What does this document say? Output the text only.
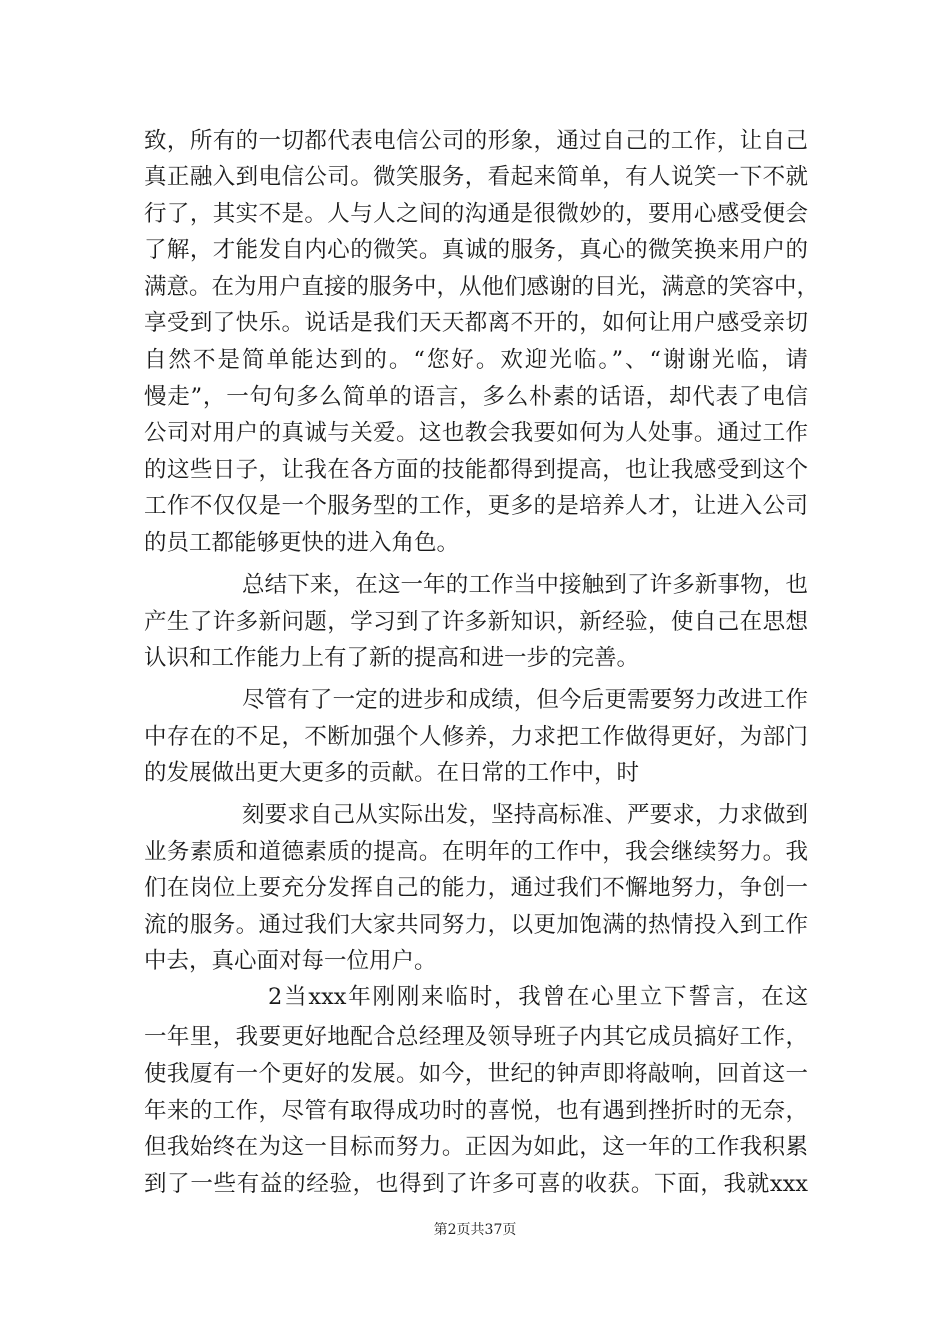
致，所有的一切都代表电信公司的形象，通过自己的工作，让自己
真正融入到电信公司。微笑服务，看起来简单，有人说笑一下不就
行了，其实不是。人与人之间的沟通是很微妙的，要用心感受便会
了解，才能发自内心的微笑。真诚的服务，真心的微笑换来用户的
满意。在为用户直接的服务中，从他们感谢的目光，满意的笑容中，
享受到了快乐。说话是我们天天都离不开的，如何让用户感受亲切
自然不是简单能达到的。“您好。欢迎光临。”、“谢谢光临，请
慢走”，一句句多么简单的语言，多么朴素的话语，却代表了电信
公司对用户的真诚与关爱。这也教会我要如何为人处事。通过工作
的这些日子，让我在各方面的技能都得到提高，也让我感受到这个
工作不仅仅是一个服务型的工作，更多的是培养人才，让进入公司
的员工都能够更快的进入角色。
总结下来，在这一年的工作当中接触到了许多新事物，也
产生了许多新问题，学习到了许多新知识，新经验，使自己在思想
认识和工作能力上有了新的提高和进一步的完善。
尽管有了一定的进步和成绩，但今后更需要努力改进工作
中存在的不足，不断加强个人修养，力求把工作做得更好，为部门
的发展做出更大更多的贡献。在日常的工作中，时
刻要求自己从实际出发，坚持高标准、严要求，力求做到
业务素质和道德素质的提高。在明年的工作中，我会继续努力。我
们在岗位上要充分发挥自己的能力，通过我们不懈地努力，争创一
流的服务。通过我们大家共同努力，以更加饱满的热情投入到工作
中去，真心面对每一位用户。
2当xxx年刚刚来临时，我曾在心里立下誓言，在这
一年里，我要更好地配合总经理及领导班子内其它成员搞好工作，
使我厦有一个更好的发展。如今，世纪的钟声即将敲响，回首这一
年来的工作，尽管有取得成功时的喜悦，也有遇到挫折时的无奈，
但我始终在为这一目标而努力。正因为如此，这一年的工作我积累
到了一些有益的经验，也得到了许多可喜的收获。下面，我就xxx
第2页共37页
